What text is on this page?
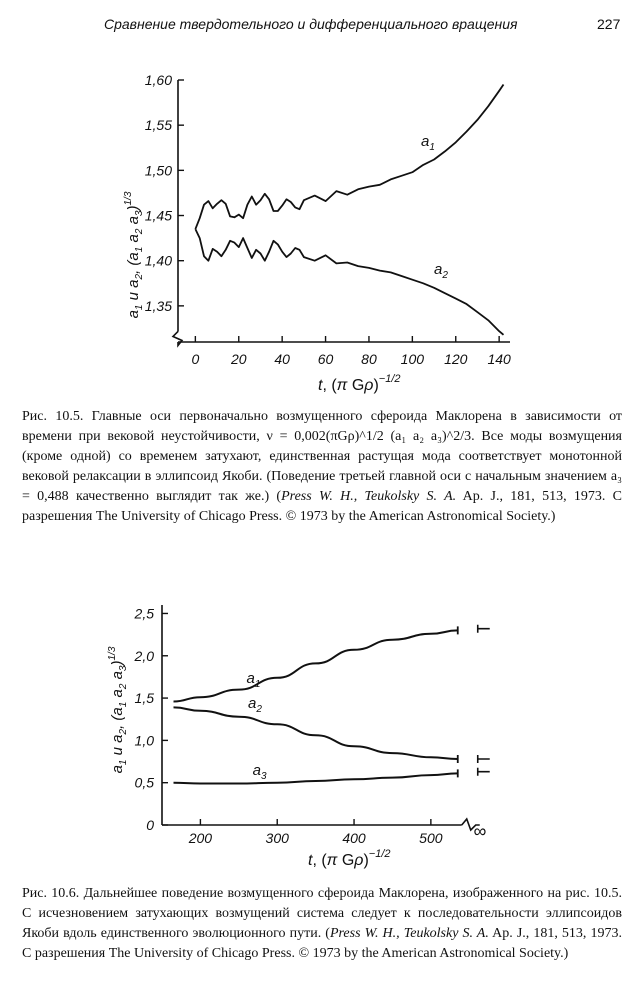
Сравнение твердотельного и дифференциального вращения	227
$a_1$ и $a_2$, ($a_1$ $a_2$ $a_3)^{1/3}$
t, (π Gρ)$^{-1/2}$
1,35
1,40
1,45
1,50
1,55
1,60
0 20 40 60 80 100 120 140
$a_1$
$a_2$
Рис. 10.5. Главные оси первоначально возмущенного сфероида Маклорена в зависимости от времени при вековой неустойчивости, ν = 0,002(πGρ)^1/2 (a₁ a₂ a₃)^2/3. Все моды возмущения (кроме одной) со временем затухают, единственная растущая мода соответствует монотонной вековой релаксации в эллипсоид Якоби. (Поведение третьей главной оси с начальным значением a₃ = 0,488 качественно выглядит так же.) (Press W. H., Teukolsky S. A. Ap. J., 181, 513, 1973. С разрешения The University of Chicago Press. © 1973 by the American Astronomical Society.)
$a_1$ и $a_2$, ($a_1$ $a_2$ $a_3)^{1/3}$
t, (π Gρ)$^{-1/2}$
0
0,5
1,0
1,5
2,0
2,5
200	300	400	500 ∞
$a_1$
$a_2$
$a_3$
Рис. 10.6. Дальнейшее поведение возмущенного сфероида Маклорена, изображенного на рис. 10.5. С исчезновением затухающих возмущений система следует к последовательности эллипсоидов Якоби вдоль единственного эволюционного пути. (Press W. H., Teukolsky S. A. Ap. J., 181, 513, 1973. С разрешения The University of Chicago Press. © 1973 by the American Astronomical Society.)
